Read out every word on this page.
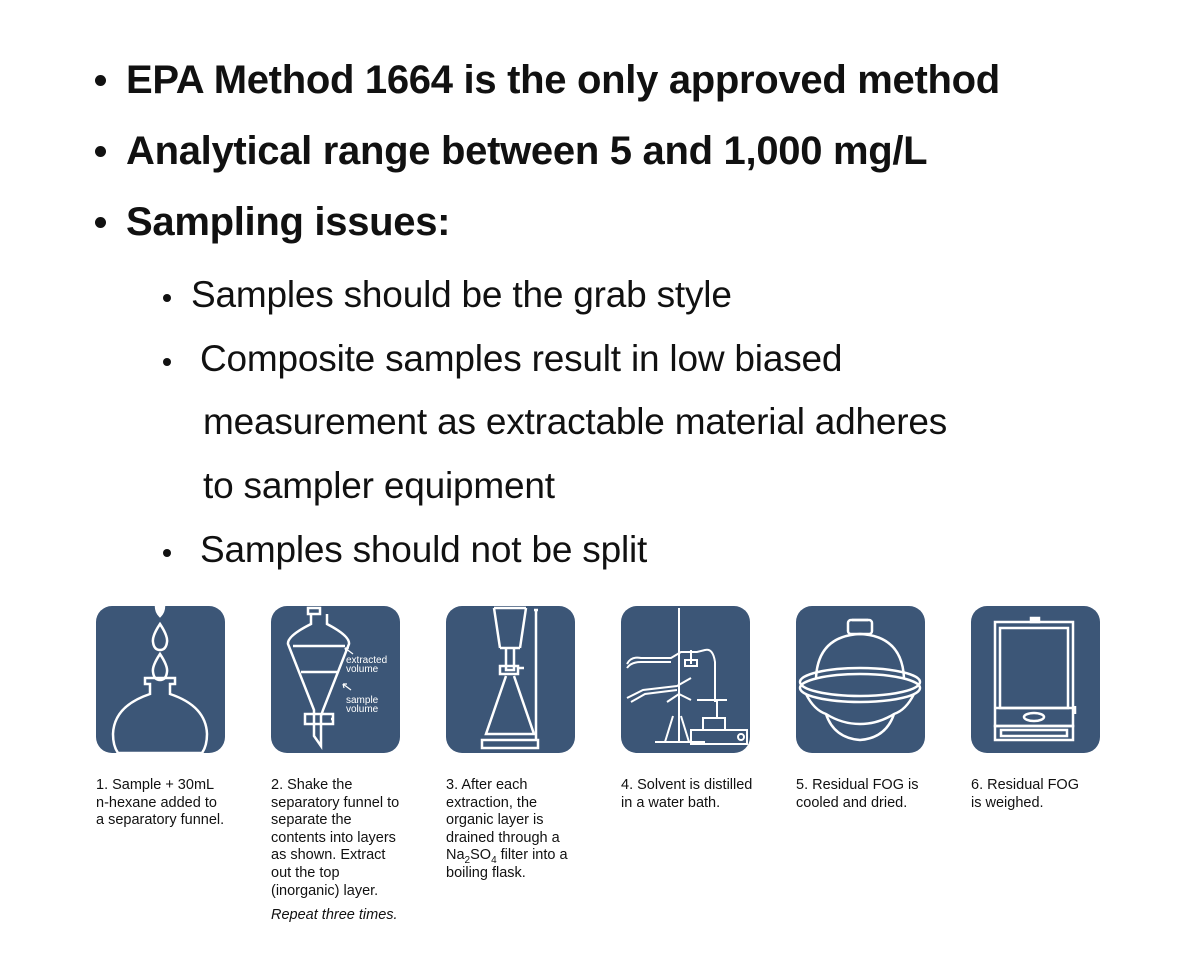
EPA Method 1664 is the only approved method
Analytical range between 5 and 1,000 mg/L
Sampling issues:
Samples should be the grab style
Composite samples result in low biased
measurement as extractable material adheres
to sampler equipment
Samples should not be split
extracted
volume
sample
volume
1. Sample + 30mL
n-hexane added to
a separatory funnel.
2. Shake the
separatory funnel to
separate the
contents into layers
as shown. Extract
out the top
(inorganic) layer.
Repeat three times.
3. After each
extraction, the
organic layer is
drained through a
$Na_2SO_4$ filter into a
boiling flask.
4. Solvent is distilled
in a water bath.
5. Residual FOG is
cooled and dried.
6. Residual FOG
is weighed.
